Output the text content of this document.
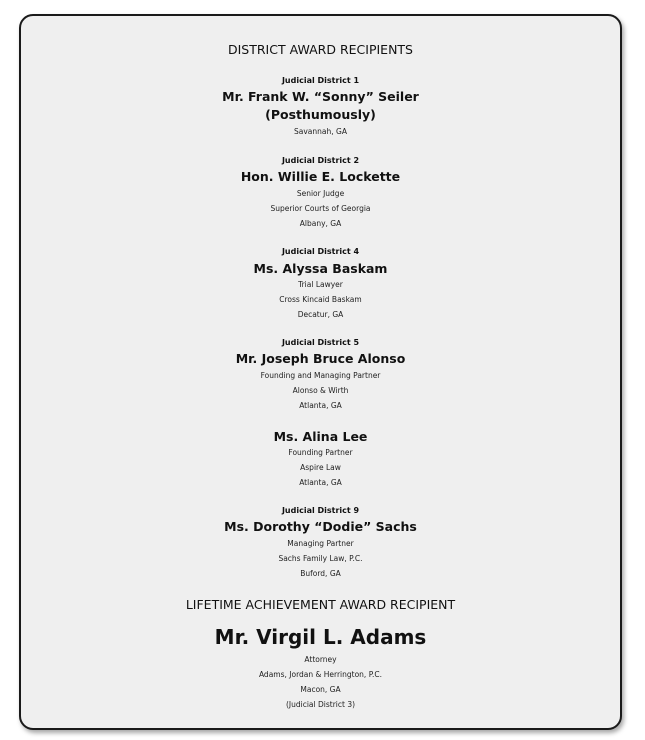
DISTRICT AWARD RECIPIENTS
Judicial District 1
Mr. Frank W. “Sonny” Seiler
(Posthumously)
Savannah, GA
Judicial District 2
Hon. Willie E. Lockette
Senior Judge
Superior Courts of Georgia
Albany, GA
Judicial District 4
Ms. Alyssa Baskam
Trial Lawyer
Cross Kincaid Baskam
Decatur, GA
Judicial District 5
Mr. Joseph Bruce Alonso
Founding and Managing Partner
Alonso & Wirth
Atlanta, GA
Ms. Alina Lee
Founding Partner
Aspire Law
Atlanta, GA
Judicial District 9
Ms. Dorothy “Dodie” Sachs
Managing Partner
Sachs Family Law, P.C.
Buford, GA
LIFETIME ACHIEVEMENT AWARD RECIPIENT
Mr. Virgil L. Adams
Attorney
Adams, Jordan & Herrington, P.C.
Macon, GA
(Judicial District 3)
